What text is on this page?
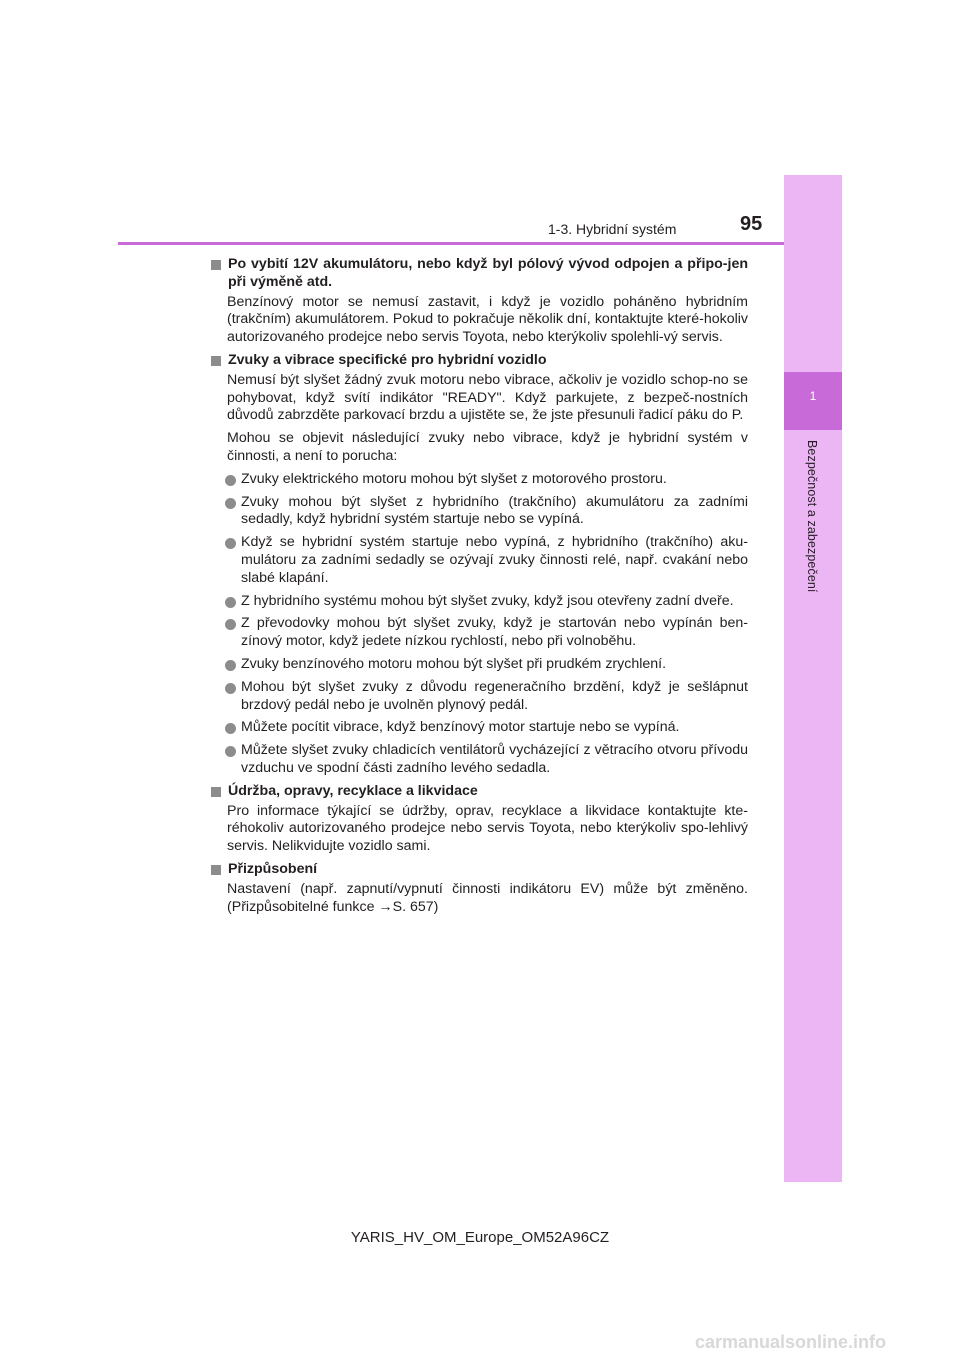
1
Bezpečnost a zabezpečení
1-3. Hybridní systém	95
Po vybití 12V akumulátoru, nebo když byl pólový vývod odpojen a připo-jen při výměně atd.
Benzínový motor se nemusí zastavit, i když je vozidlo poháněno hybridním (trakčním) akumulátorem. Pokud to pokračuje několik dní, kontaktujte které-hokoliv autorizovaného prodejce nebo servis Toyota, nebo kterýkoliv spolehli-vý servis.
Zvuky a vibrace specifické pro hybridní vozidlo
Nemusí být slyšet žádný zvuk motoru nebo vibrace, ačkoliv je vozidlo schop-no se pohybovat, když svítí indikátor "READY". Když parkujete, z bezpeč-nostních důvodů zabrzděte parkovací brzdu a ujistěte se, že jste přesunuli řadicí páku do P.
Mohou se objevit následující zvuky nebo vibrace, když je hybridní systém v činnosti, a není to porucha:
Zvuky elektrického motoru mohou být slyšet z motorového prostoru.
Zvuky mohou být slyšet z hybridního (trakčního) akumulátoru za zadními sedadly, když hybridní systém startuje nebo se vypíná.
Když se hybridní systém startuje nebo vypíná, z hybridního (trakčního) aku-mulátoru za zadními sedadly se ozývají zvuky činnosti relé, např. cvakání nebo slabé klapání.
Z hybridního systému mohou být slyšet zvuky, když jsou otevřeny zadní dveře.
Z převodovky mohou být slyšet zvuky, když je startován nebo vypínán ben-zínový motor, když jedete nízkou rychlostí, nebo při volnoběhu.
Zvuky benzínového motoru mohou být slyšet při prudkém zrychlení.
Mohou být slyšet zvuky z důvodu regeneračního brzdění, když je sešlápnut brzdový pedál nebo je uvolněn plynový pedál.
Můžete pocítit vibrace, když benzínový motor startuje nebo se vypíná.
Můžete slyšet zvuky chladicích ventilátorů vycházející z větracího otvoru přívodu vzduchu ve spodní části zadního levého sedadla.
Údržba, opravy, recyklace a likvidace
Pro informace týkající se údržby, oprav, recyklace a likvidace kontaktujte kte-réhokoliv autorizovaného prodejce nebo servis Toyota, nebo kterýkoliv spo-lehlivý servis. Nelikvidujte vozidlo sami.
Přizpůsobení
Nastavení (např. zapnutí/vypnutí činnosti indikátoru EV) může být změněno. (Přizpůsobitelné funkce →S. 657)
YARIS_HV_OM_Europe_OM52A96CZ
carmanualsonline.info
